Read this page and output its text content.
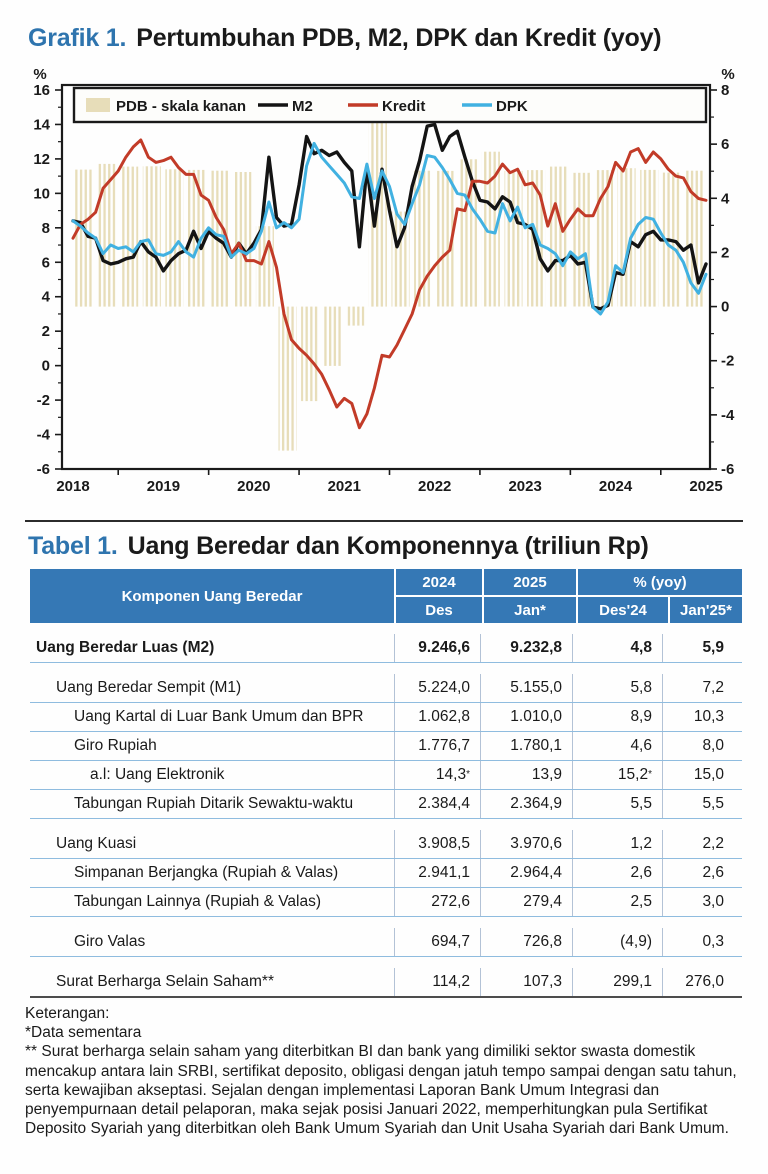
Grafik 1. Pertumbuhan PDB, M2, DPK dan Kredit (yoy)
%	%
16
14
12
10
8
6
4
2
0
-2
-4
-6
8
6
4
2
0
-2
-4
-6
2018	2019	2020	2021	2022	2023	2024	2025
PDB - skala kanan	M2	Kredit	DPK
Tabel 1. Uang Beredar dan Komponennya (triliun Rp)
Komponen Uang Beredar
2024	2025	% (yoy)
Des	Jan*	Des'24	Jan'25*
Uang Beredar Luas (M2)	9.246,6	9.232,8	4,8	5,9
Uang Beredar Sempit (M1)	5.224,0	5.155,0	5,8	7,2
Uang Kartal di Luar Bank Umum dan BPR	1.062,8	1.010,0	8,9	10,3
Giro Rupiah	1.776,7	1.780,1	4,6	8,0
a.l: Uang Elektronik	14,3 *	13,9	15,2 *	15,0
Tabungan Rupiah Ditarik Sewaktu-waktu	2.384,4	2.364,9	5,5	5,5
Uang Kuasi	3.908,5	3.970,6	1,2	2,2
Simpanan Berjangka (Rupiah & Valas)	2.941,1	2.964,4	2,6	2,6
Tabungan Lainnya (Rupiah & Valas)	272,6	279,4	2,5	3,0
Giro Valas	694,7	726,8	(4,9)	0,3
Surat Berharga Selain Saham**	114,2	107,3	299,1	276,0

Keterangan:

*Data sementara

** Surat berharga selain saham yang diterbitkan BI dan bank yang dimiliki sektor swasta domestik mencakup antara lain SRBI, sertifikat deposito, obligasi dengan jatuh tempo sampai dengan satu tahun, serta kewajiban akseptasi. Sejalan dengan implementasi Laporan Bank Umum Integrasi dan penyempurnaan detail pelaporan, maka sejak posisi Januari 2022, memperhitungkan pula Sertifikat Deposito Syariah yang diterbitkan oleh Bank Umum Syariah dan Unit Usaha Syariah dari Bank Umum.
